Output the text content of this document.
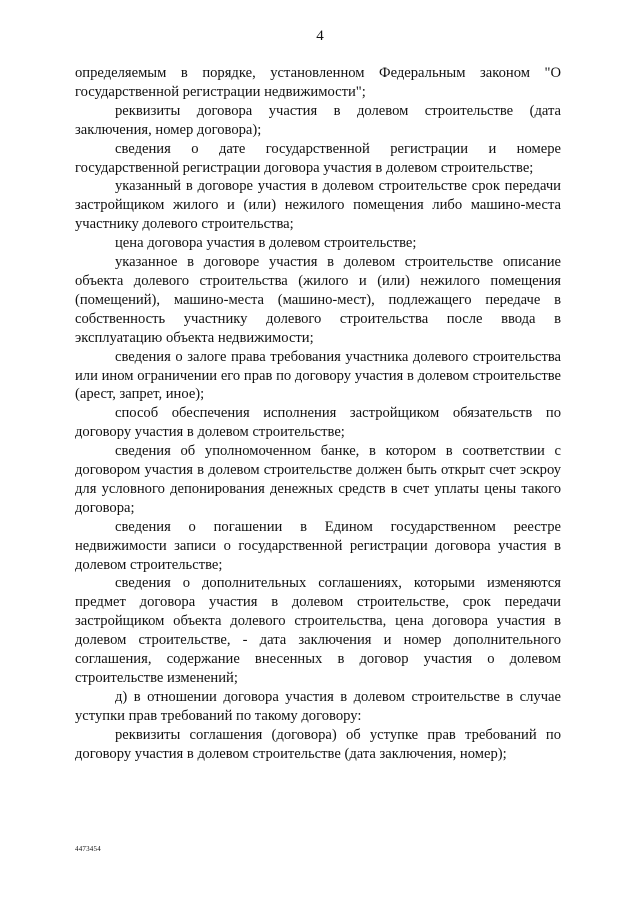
4

определяемым в порядке, установленном Федеральным законом "О государственной регистрации недвижимости";

реквизиты договора участия в долевом строительстве (дата заключения, номер договора);

сведения о дате государственной регистрации и номере государственной регистрации договора участия в долевом строительстве;

указанный в договоре участия в долевом строительстве срок передачи застройщиком жилого и (или) нежилого помещения либо машино-места участнику долевого строительства;

цена договора участия в долевом строительстве;

указанное в договоре участия в долевом строительстве описание объекта долевого строительства (жилого и (или) нежилого помещения (помещений), машино-места (машино-мест), подлежащего передаче в собственность участнику долевого строительства после ввода в эксплуатацию объекта недвижимости;

сведения о залоге права требования участника долевого строительства или ином ограничении его прав по договору участия в долевом строительстве (арест, запрет, иное);

способ обеспечения исполнения застройщиком обязательств по договору участия в долевом строительстве;

сведения об уполномоченном банке, в котором в соответствии с договором участия в долевом строительстве должен быть открыт счет эскроу для условного депонирования денежных средств в счет уплаты цены такого договора;

сведения о погашении в Едином государственном реестре недвижимости записи о государственной регистрации договора участия в долевом строительстве;

сведения о дополнительных соглашениях, которыми изменяются предмет договора участия в долевом строительстве, срок передачи застройщиком объекта долевого строительства, цена договора участия в долевом строительстве, - дата заключения и номер дополнительного соглашения, содержание внесенных в договор участия о долевом строительстве изменений;

д) в отношении договора участия в долевом строительстве в случае уступки прав требований по такому договору:

реквизиты соглашения (договора) об уступке прав требований по договору участия в долевом строительстве (дата заключения, номер);

4473454
